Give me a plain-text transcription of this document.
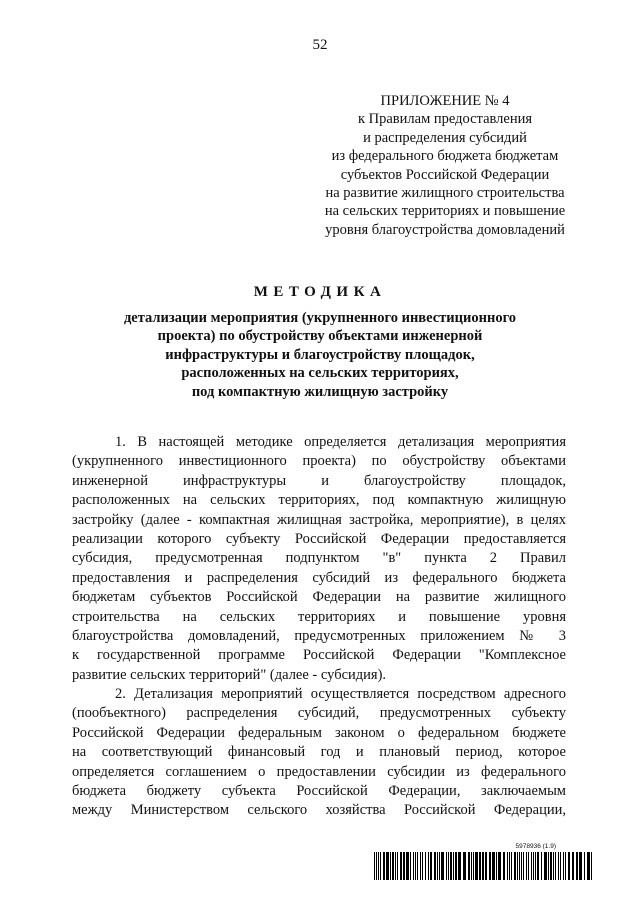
52
ПРИЛОЖЕНИЕ № 4
к Правилам предоставления
и распределения субсидий
из федерального бюджета бюджетам
субъектов Российской Федерации
на развитие жилищного строительства
на сельских территориях и повышение
уровня благоустройства домовладений
МЕТОДИКА
детализации мероприятия (укрупненного инвестиционного
проекта) по обустройству объектами инженерной
инфраструктуры и благоустройству площадок,
расположенных на сельских территориях,
под компактную жилищную застройку
1. В настоящей методике определяется детализация мероприятия
(укрупненного инвестиционного проекта) по обустройству объектами
инженерной инфраструктуры и благоустройству площадок,
расположенных на сельских территориях, под компактную жилищную
застройку (далее - компактная жилищная застройка, мероприятие), в целях
реализации которого субъекту Российской Федерации предоставляется
субсидия, предусмотренная подпунктом "в" пункта 2 Правил
предоставления и распределения субсидий из федерального бюджета
бюджетам субъектов Российской Федерации на развитие жилищного
строительства на сельских территориях и повышение уровня
благоустройства домовладений, предусмотренных приложением № 3
к государственной программе Российской Федерации "Комплексное
развитие сельских территорий" (далее - субсидия).
2. Детализация мероприятий осуществляется посредством адресного
(пообъектного) распределения субсидий, предусмотренных субъекту
Российской Федерации федеральным законом о федеральном бюджете
на соответствующий финансовый год и плановый период, которое
определяется соглашением о предоставлении субсидии из федерального
бюджета бюджету субъекта Российской Федерации, заключаемым
между Министерством сельского хозяйства Российской Федерации,
5978936 (1.9)
